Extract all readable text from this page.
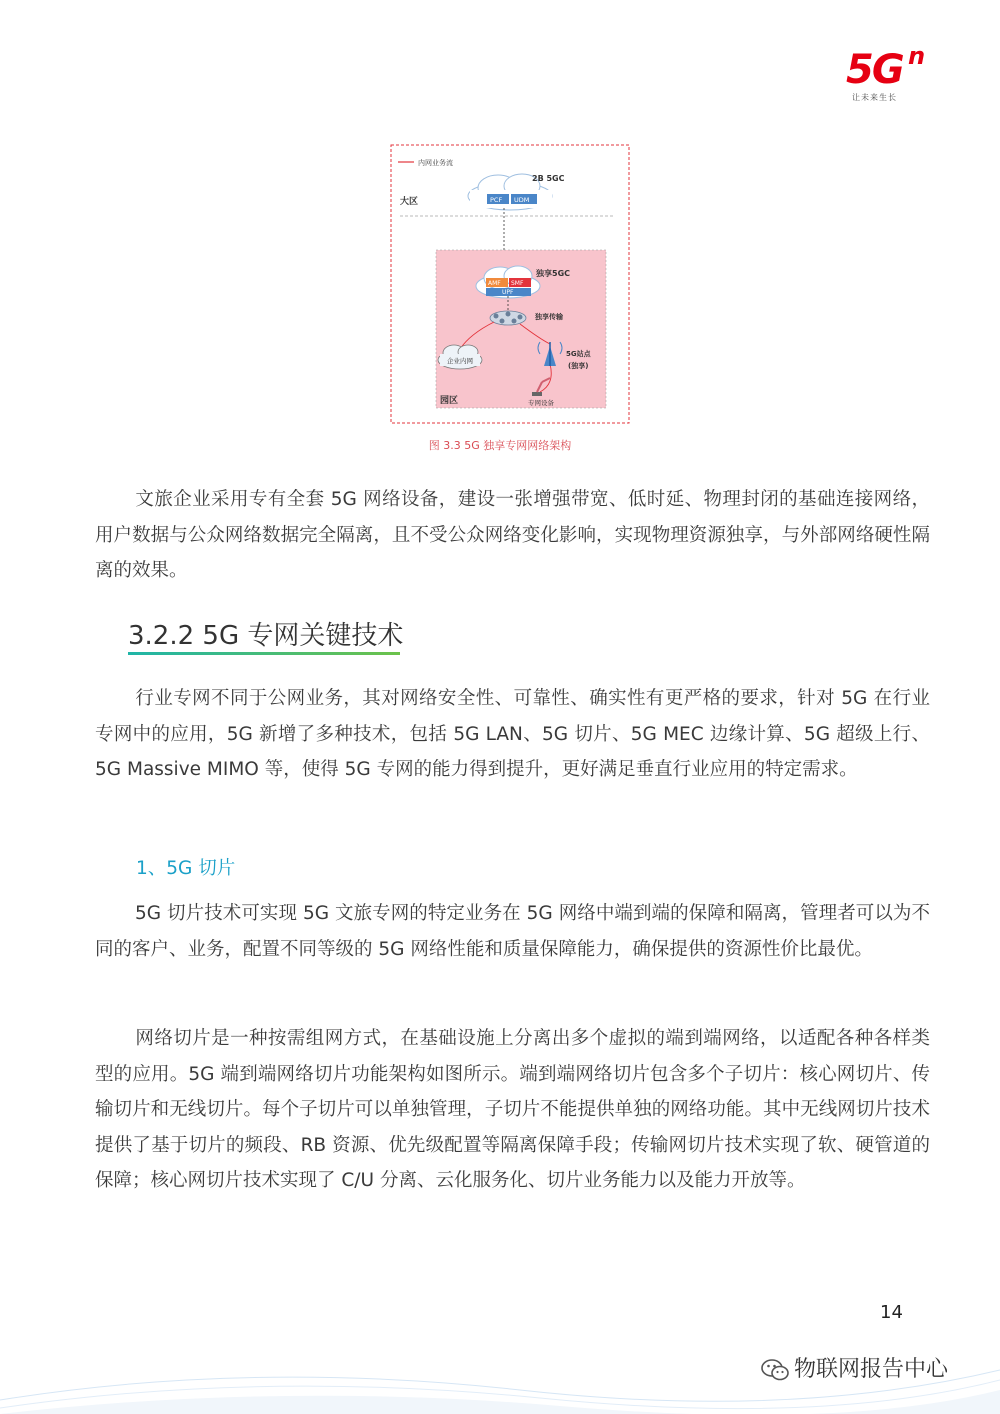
5G n
让未来生长
内网业务流
大区
2B 5GC
PCF UDM
独享5GC
AMF SMF
UPF
独享传输
企业内网
5G站点
(独享)
专网设备
园区
图 3.3 5G 独享专网网络架构

文旅企业采用专有全套 5G 网络设备，建设一张增强带宽、低时延、物理封闭的基础连接网络，用户数据与公众网络数据完全隔离，且不受公众网络变化影响，实现物理资源独享，与外部网络硬性隔离的效果。

3.2.2 5G 专网关键技术

行业专网不同于公网业务，其对网络安全性、可靠性、确实性有更严格的要求，针对 5G 在行业专网中的应用，5G 新增了多种技术，包括 5G LAN、5G 切片、5G MEC 边缘计算、5G 超级上行、5G Massive MIMO 等，使得 5G 专网的能力得到提升，更好满足垂直行业应用的特定需求。

1、5G 切片

5G 切片技术可实现 5G 文旅专网的特定业务在 5G 网络中端到端的保障和隔离，管理者可以为不同的客户、业务，配置不同等级的 5G 网络性能和质量保障能力，确保提供的资源性价比最优。

网络切片是一种按需组网方式，在基础设施上分离出多个虚拟的端到端网络，以适配各种各样类型的应用。5G 端到端网络切片功能架构如图所示。端到端网络切片包含多个子切片：核心网切片、传输切片和无线切片。每个子切片可以单独管理，子切片不能提供单独的网络功能。其中无线网切片技术提供了基于切片的频段、RB 资源、优先级配置等隔离保障手段；传输网切片技术实现了软、硬管道的保障；核心网切片技术实现了 C/U 分离、云化服务化、切片业务能力以及能力开放等。

14
物联网报告中心
